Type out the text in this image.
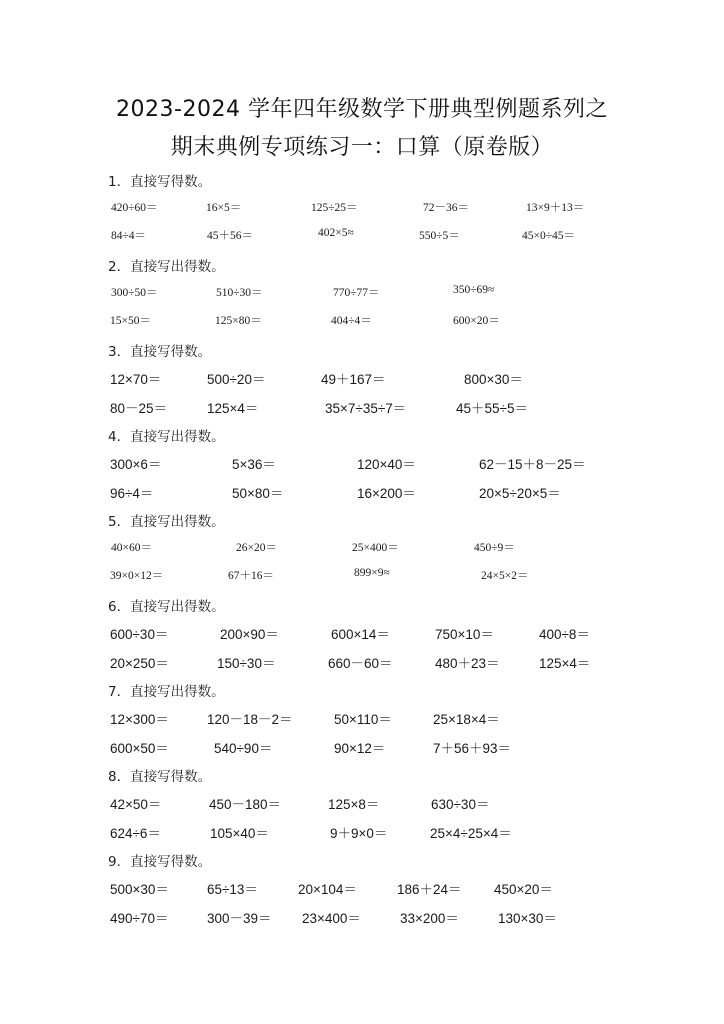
2023-2024 学年四年级数学下册典型例题系列之
期末典例专项练习一：口算（原卷版）
1．直接写得数。
420÷60＝	16×5＝	125÷25＝	72－36＝	13×9＋13＝
84÷4＝	45＋56＝	402×5≈	550÷5＝	45×0÷45＝
2．直接写出得数。
300÷50＝	510÷30＝	770÷77＝	350÷69≈
15×50＝	125×80＝	404÷4＝	600×20＝
3．直接写得数。
12×70＝	500÷20＝	49＋167＝	800×30＝
80－25＝	125×4＝	35×7÷35÷7＝	45＋55÷5＝
4．直接写出得数。
300×6＝	5×36＝	120×40＝	62－15＋8－25＝
96÷4＝	50×80＝	16×200＝	20×5÷20×5＝
5．直接写出得数。
40×60＝	26×20＝	25×400＝	450÷9＝
39×0×12＝	67＋16＝	899×9≈	24×5×2＝
6．直接写出得数。
600÷30＝	200×90＝	600×14＝	750×10＝	400÷8＝
20×250＝	150÷30＝	660－60＝	480＋23＝	125×4＝
7．直接写出得数。
12×300＝	120－18－2＝	50×110＝	25×18×4＝
600×50＝	540÷90＝	90×12＝	7＋56＋93＝
8．直接写得数。
42×50＝	450－180＝	125×8＝	630÷30＝
624÷6＝	105×40＝	9＋9×0＝	25×4÷25×4＝
9．直接写得数。
500×30＝	65÷13＝	20×104＝	186＋24＝ 450×20＝
490÷70＝	300－39＝ 23×400＝	33×200＝	130×30＝
